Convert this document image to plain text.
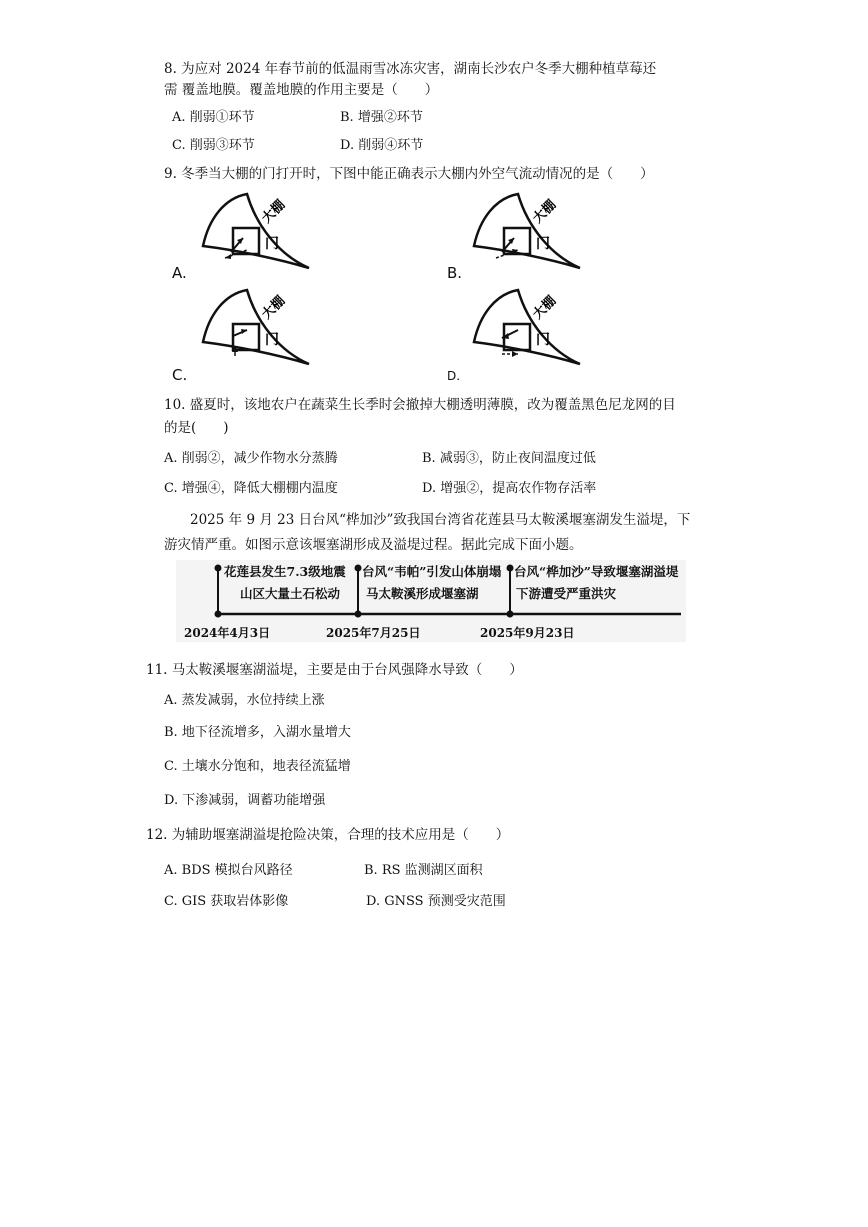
8. 为应对 2024 年春节前的低温雨雪冰冻灾害，湖南长沙农户冬季大棚种植草莓还
需 覆盖地膜。覆盖地膜的作用主要是（　　）
A. 削弱①环节	B. 增强②环节
C. 削弱③环节	D. 削弱④环节
9. 冬季当大棚的门打开时，下图中能正确表示大棚内外空气流动情况的是（　　）
大棚
门
A.
大棚
门
B.
大棚
门
C.
大棚
门
D.
10. 盛夏时，该地农户在蔬菜生长季时会撤掉大棚透明薄膜，改为覆盖黑色尼龙网的目
的是(　　)
A. 削弱②，减少作物水分蒸腾	B. 减弱③，防止夜间温度过低
C. 增强④，降低大棚棚内温度	D. 增强②，提高农作物存活率
2025 年 9 月 23 日台风“桦加沙”致我国台湾省花莲县马太鞍溪堰塞湖发生溢堤，下
游灾情严重。如图示意该堰塞湖形成及溢堤过程。据此完成下面小题。
花莲县发生7.3级地震
山区大量土石松动
2024年4月3日
台风“韦帕”引发山体崩塌
马太鞍溪形成堰塞湖
2025年7月25日
台风“桦加沙”导致堰塞湖溢堤
下游遭受严重洪灾
2025年9月23日
11. 马太鞍溪堰塞湖溢堤，主要是由于台风强降水导致（　　）
A. 蒸发减弱，水位持续上涨
B. 地下径流增多，入湖水量增大
C. 土壤水分饱和，地表径流猛增
D. 下渗减弱，调蓄功能增强
12. 为辅助堰塞湖溢堤抢险决策，合理的技术应用是（　　）
A. BDS 模拟台风路径	B. RS 监测湖区面积
C. GIS 获取岩体影像	D. GNSS 预测受灾范围
